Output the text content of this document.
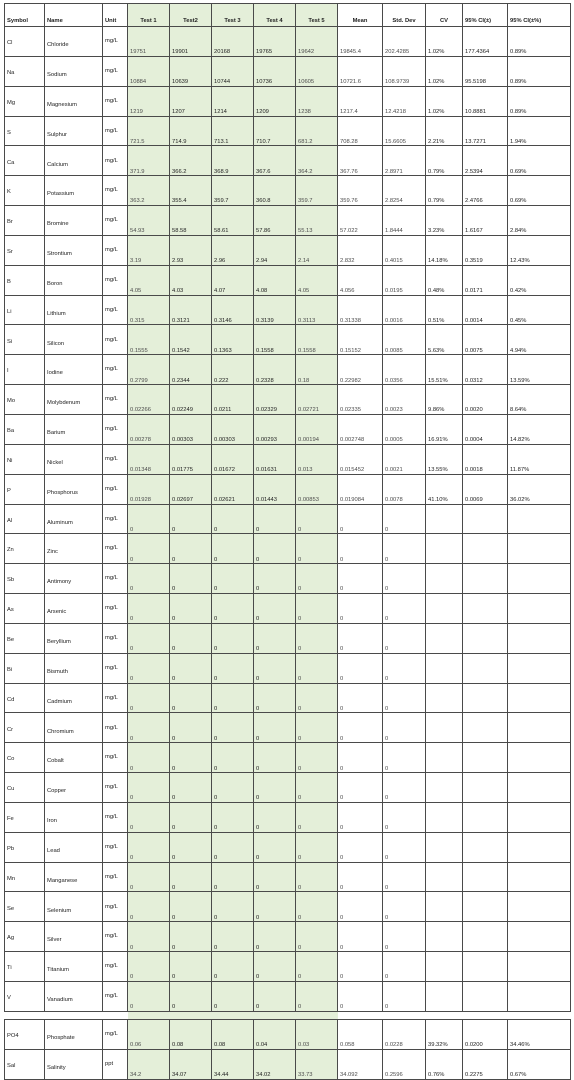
Symbol	Name	Unit	Test 1	Test2	Test 3	Test 4	Test 5	Mean	Std. Dev	CV	95% CI(±)	95% CI(±%)
Cl	Chloride	mg/L	19751	19901	20168	19765	19642	19845.4	202.4285	1.02%	177.4364	0.89%
Na	Sodium	mg/L	10884	10639	10744	10736	10605	10721.6	108.9739	1.02%	95.5198	0.89%
Mg	Magnesium	mg/L	1219	1207	1214	1209	1238	1217.4	12.4218	1.02%	10.8881	0.89%
S	Sulphur	mg/L	721.5	714.9	713.1	710.7	681.2	708.28	15.6605	2.21%	13.7271	1.94%
Ca	Calcium	mg/L	371.9	366.2	368.9	367.6	364.2	367.76	2.8971	0.79%	2.5394	0.69%
K	Potassium	mg/L	363.2	355.4	359.7	360.8	359.7	359.76	2.8254	0.79%	2.4766	0.69%
Br	Bromine	mg/L	54.93	58.58	58.61	57.86	55.13	57.022	1.8444	3.23%	1.6167	2.84%
Sr	Strontium	mg/L	3.19	2.93	2.96	2.94	2.14	2.832	0.4015	14.18%	0.3519	12.43%
B	Boron	mg/L	4.05	4.03	4.07	4.08	4.05	4.056	0.0195	0.48%	0.0171	0.42%
Li	Lithium	mg/L	0.315	0.3121	0.3146	0.3139	0.3113	0.31338	0.0016	0.51%	0.0014	0.45%
Si	Silicon	mg/L	0.1555	0.1542	0.1363	0.1558	0.1558	0.15152	0.0085	5.63%	0.0075	4.94%
I	Iodine	mg/L	0.2799	0.2344	0.222	0.2328	0.18	0.22982	0.0356	15.51%	0.0312	13.59%
Mo	Molybdenum	mg/L	0.02266	0.02249	0.0211	0.02329	0.02721	0.02335	0.0023	9.86%	0.0020	8.64%
Ba	Barium	mg/L	0.00278	0.00303	0.00303	0.00293	0.00194	0.002748	0.0005	16.91%	0.0004	14.82%
Ni	Nickel	mg/L	0.01348	0.01775	0.01672	0.01631	0.013	0.015452	0.0021	13.55%	0.0018	11.87%
P	Phosphorus	mg/L	0.01928	0.02697	0.02621	0.01443	0.00853	0.019084	0.0078	41.10%	0.0069	36.02%
Al	Aluminum	mg/L	0	0	0	0	0	0	0			
Zn	Zinc	mg/L	0	0	0	0	0	0	0			
Sb	Antimony	mg/L	0	0	0	0	0	0	0			
As	Arsenic	mg/L	0	0	0	0	0	0	0			
Be	Beryllium	mg/L	0	0	0	0	0	0	0			
Bi	Bismuth	mg/L	0	0	0	0	0	0	0			
Cd	Cadmium	mg/L	0	0	0	0	0	0	0			
Cr	Chromium	mg/L	0	0	0	0	0	0	0			
Co	Cobalt	mg/L	0	0	0	0	0	0	0			
Cu	Copper	mg/L	0	0	0	0	0	0	0			
Fe	Iron	mg/L	0	0	0	0	0	0	0			
Pb	Lead	mg/L	0	0	0	0	0	0	0			
Mn	Manganese	mg/L	0	0	0	0	0	0	0			
Se	Selenium	mg/L	0	0	0	0	0	0	0			
Ag	Silver	mg/L	0	0	0	0	0	0	0			
Ti	Titanium	mg/L	0	0	0	0	0	0	0			
V	Vanadium	mg/L	0	0	0	0	0	0	0			

PO4	Phosphate	mg/L	0.06	0.08	0.08	0.04	0.03	0.058	0.0228	39.32%	0.0200	34.46%
Sal	Salinity	ppt	34.2	34.07	34.44	34.02	33.73	34.092	0.2596	0.76%	0.2275	0.67%
